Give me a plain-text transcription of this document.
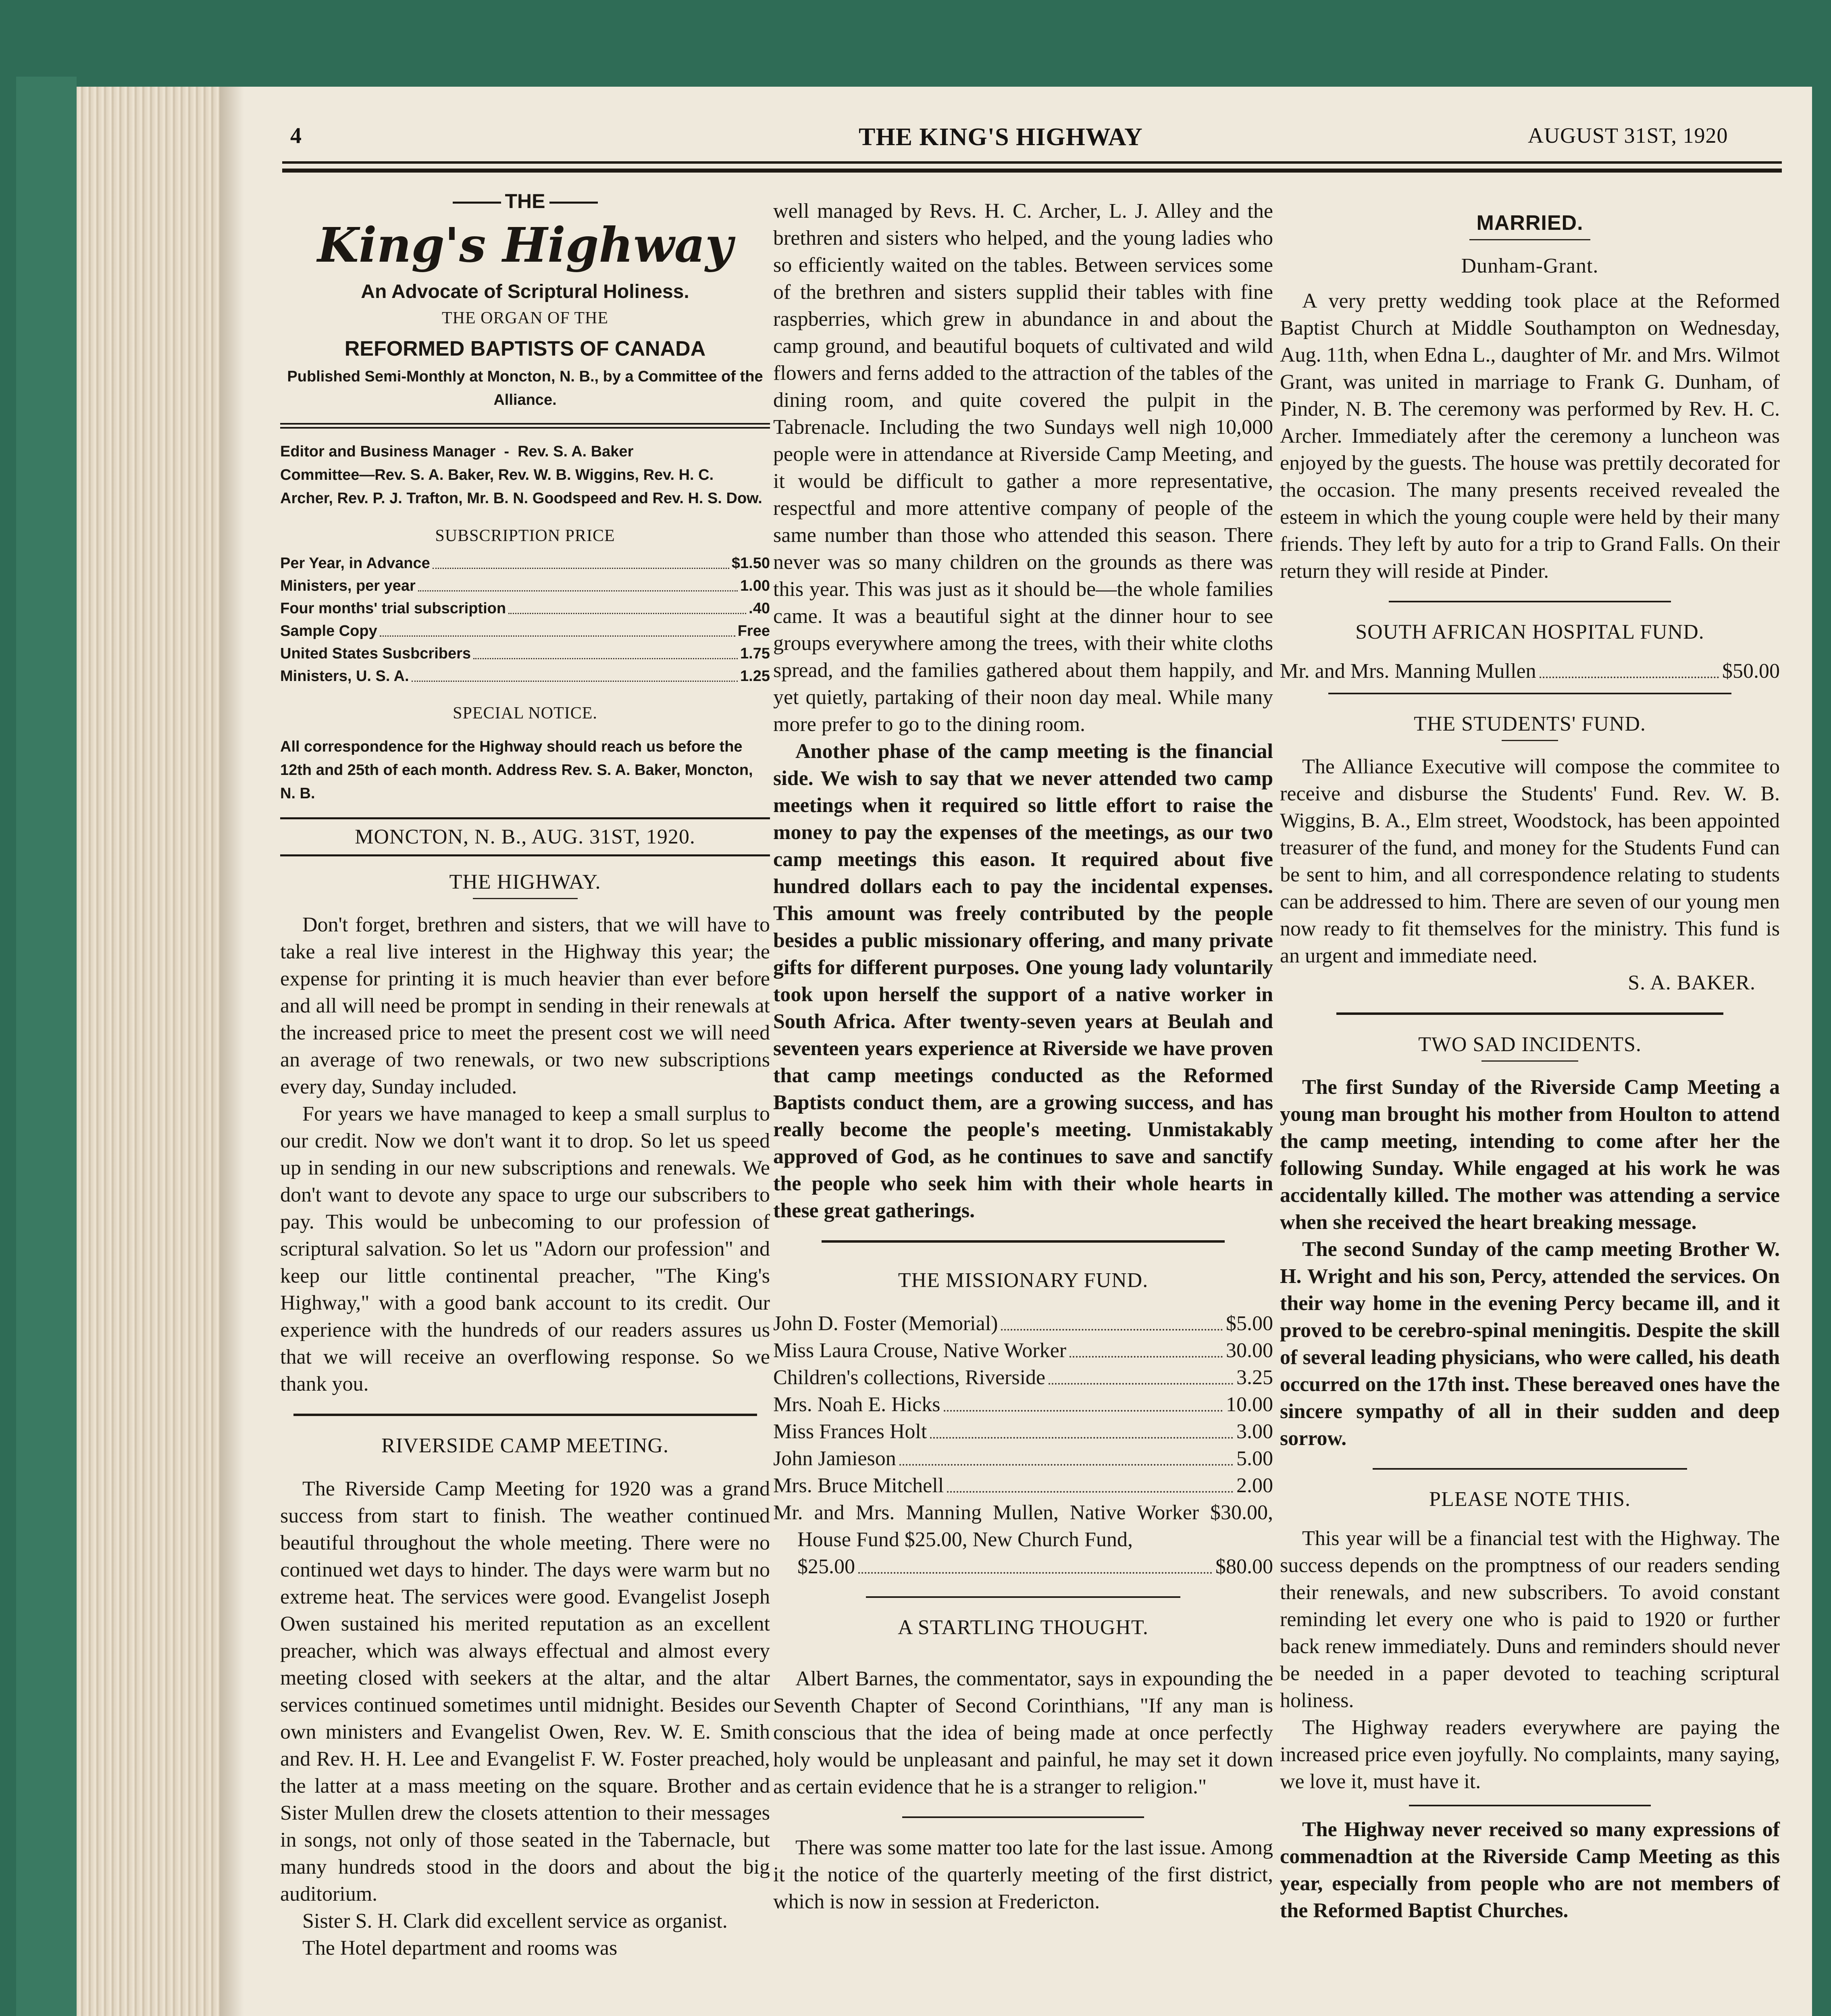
4	THE KING'S HIGHWAY	AUGUST 31ST, 1920
THE
King's Highway
An Advocate of Scriptural Holiness.
THE ORGAN OF THE
REFORMED BAPTISTS OF CANADA
Published Semi-Monthly at Moncton, N. B., by a Committee of the Alliance.
Editor and Business Manager  -  Rev. S. A. Baker
Committee—Rev. S. A. Baker, Rev. W. B. Wiggins, Rev. H. C. Archer, Rev. P. J. Trafton, Mr. B. N. Goodspeed and Rev. H. S. Dow.
SUBSCRIPTION PRICE
Per Year, in Advance	$1.50
Ministers, per year	1.00
Four months' trial subscription	.40
Sample Copy	Free
United States Susbcribers	1.75
Ministers, U. S. A.	1.25
SPECIAL NOTICE.
All correspondence for the Highway should reach us before the 12th and 25th of each month. Address Rev. S. A. Baker, Moncton, N. B.
MONCTON, N. B., AUG. 31ST, 1920.

THE HIGHWAY.

Don't forget, brethren and sisters, that we will have to take a real live interest in the Highway this year; the expense for printing it is much heavier than ever before and all will need be prompt in sending in their renewals at the increased price to meet the present cost we will need an average of two renewals, or two new subscriptions every day, Sunday included.

For years we have managed to keep a small surplus to our credit. Now we don't want it to drop. So let us speed up in sending in our new subscriptions and renewals. We don't want to devote any space to urge our subscribers to pay. This would be unbecoming to our profession of scriptural salvation. So let us "Adorn our profession" and keep our little continental preacher, "The King's Highway," with a good bank account to its credit. Our experience with the hundreds of our readers assures us that we will receive an overflowing response. So we thank you.

RIVERSIDE CAMP MEETING.

The Riverside Camp Meeting for 1920 was a grand success from start to finish. The weather continued beautiful throughout the whole meeting. There were no continued wet days to hinder. The days were warm but no extreme heat. The services were good. Evangelist Joseph Owen sustained his merited reputation as an excellent preacher, which was always effectual and almost every meeting closed with seekers at the altar, and the altar services continued sometimes until midnight. Besides our own ministers and Evangelist Owen, Rev. W. E. Smith and Rev. H. H. Lee and Evangelist F. W. Foster preached, the latter at a mass meeting on the square. Brother and Sister Mullen drew the closets attention to their messages in songs, not only of those seated in the Tabernacle, but many hundreds stood in the doors and about the big auditorium.

Sister S. H. Clark did excellent service as organist.

The Hotel department and rooms was

well managed by Revs. H. C. Archer, L. J. Alley and the brethren and sisters who helped, and the young ladies who so efficiently waited on the tables. Between services some of the brethren and sisters supplid their tables with fine raspberries, which grew in abundance in and about the camp ground, and beautiful boquets of cultivated and wild flowers and ferns added to the attraction of the tables of the dining room, and quite covered the pulpit in the Tabrenacle. Including the two Sundays well nigh 10,000 people were in attendance at Riverside Camp Meeting, and it would be difficult to gather a more representative, respectful and more attentive company of people of the same number than those who attended this season. There never was so many children on the grounds as there was this year. This was just as it should be—the whole families came. It was a beautiful sight at the dinner hour to see groups everywhere among the trees, with their white cloths spread, and the families gathered about them happily, and yet quietly, partaking of their noon day meal. While many more prefer to go to the dining room.

Another phase of the camp meeting is the financial side. We wish to say that we never attended two camp meetings when it required so little effort to raise the money to pay the expenses of the meetings, as our two camp meetings this eason. It required about five hundred dollars each to pay the incidental expenses. This amount was freely contributed by the people besides a public missionary offering, and many private gifts for different purposes. One young lady voluntarily took upon herself the support of a native worker in South Africa. After twenty-seven years at Beulah and seventeen years experience at Riverside we have proven that camp meetings conducted as the Reformed Baptists conduct them, are a growing success, and has really become the people's meeting. Unmistakably approved of God, as he continues to save and sanctify the people who seek him with their whole hearts in these great gatherings.

THE MISSIONARY FUND.

John D. Foster (Memorial)	$5.00
Miss Laura Crouse, Native Worker	30.00
Children's collections, Riverside	3.25
Mrs. Noah E. Hicks	10.00
Miss Frances Holt	3.00
John Jamieson	5.00
Mrs. Bruce Mitchell	2.00

Mr. and Mrs. Manning Mullen, Native Worker $30.00, House Fund $25.00, New Church Fund,

$25.00	$80.00

A STARTLING THOUGHT.

Albert Barnes, the commentator, says in expounding the Seventh Chapter of Second Corinthians, "If any man is conscious that the idea of being made at once perfectly holy would be unpleasant and painful, he may set it down as certain evidence that he is a stranger to religion."

There was some matter too late for the last issue. Among it the notice of the quarterly meeting of the first district, which is now in session at Fredericton.

MARRIED.

Dunham-Grant.

A very pretty wedding took place at the Reformed Baptist Church at Middle Southampton on Wednesday, Aug. 11th, when Edna L., daughter of Mr. and Mrs. Wilmot Grant, was united in marriage to Frank G. Dunham, of Pinder, N. B. The ceremony was performed by Rev. H. C. Archer. Immediately after the ceremony a luncheon was enjoyed by the guests. The house was prettily decorated for the occasion. The many presents received revealed the esteem in which the young couple were held by their many friends. They left by auto for a trip to Grand Falls. On their return they will reside at Pinder.

SOUTH AFRICAN HOSPITAL FUND.

Mr. and Mrs. Manning Mullen	$50.00

THE STUDENTS' FUND.

The Alliance Executive will compose the commitee to receive and disburse the Students' Fund. Rev. W. B. Wiggins, B. A., Elm street, Woodstock, has been appointed treasurer of the fund, and money for the Students Fund can be sent to him, and all correspondence relating to students can be addressed to him. There are seven of our young men now ready to fit themselves for the ministry. This fund is an urgent and immediate need.

S. A. BAKER.

TWO SAD INCIDENTS.

The first Sunday of the Riverside Camp Meeting a young man brought his mother from Houlton to attend the camp meeting, intending to come after her the following Sunday. While engaged at his work he was accidentally killed. The mother was attending a service when she received the heart breaking message.

The second Sunday of the camp meeting Brother W. H. Wright and his son, Percy, attended the services. On their way home in the evening Percy became ill, and it proved to be cerebro-spinal meningitis. Despite the skill of several leading physicians, who were called, his death occurred on the 17th inst. These bereaved ones have the sincere sympathy of all in their sudden and deep sorrow.

PLEASE NOTE THIS.

This year will be a financial test with the Highway. The success depends on the promptness of our readers sending their renewals, and new subscribers. To avoid constant reminding let every one who is paid to 1920 or further back renew immediately. Duns and reminders should never be needed in a paper devoted to teaching scriptural holiness.

The Highway readers everywhere are paying the increased price even joyfully. No complaints, many saying, we love it, must have it.

The Highway never received so many expressions of commenadtion at the Riverside Camp Meeting as this year, especially from people who are not members of the Reformed Baptist Churches.
